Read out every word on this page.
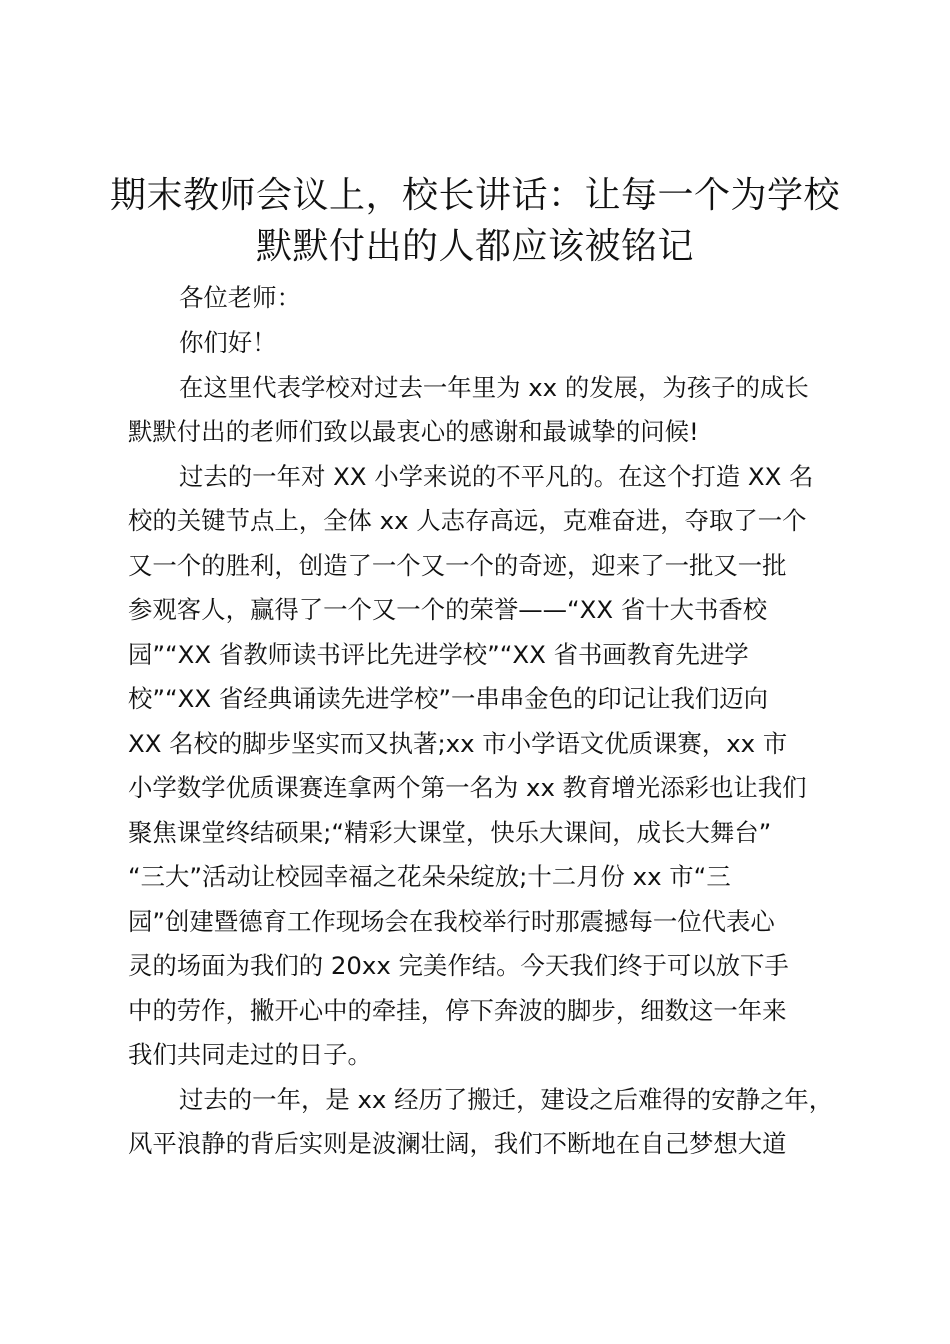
期末教师会议上，校长讲话：让每一个为学校
默默付出的人都应该被铭记

各位老师：

你们好！

在这里代表学校对过去一年里为 xx 的发展，为孩子的成长

默默付出的老师们致以最衷心的感谢和最诚挚的问候!

过去的一年对 XX 小学来说的不平凡的。在这个打造 XX 名

校的关键节点上，全体 xx 人志存高远，克难奋进，夺取了一个

又一个的胜利，创造了一个又一个的奇迹，迎来了一批又一批

参观客人，赢得了一个又一个的荣誉——“XX 省十大书香校

园”“XX 省教师读书评比先进学校”“XX 省书画教育先进学

校”“XX 省经典诵读先进学校”一串串金色的印记让我们迈向

XX 名校的脚步坚实而又执著;xx 市小学语文优质课赛，xx 市

小学数学优质课赛连拿两个第一名为 xx 教育增光添彩也让我们

聚焦课堂终结硕果;“精彩大课堂，快乐大课间，成长大舞台”

“三大”活动让校园幸福之花朵朵绽放;十二月份 xx 市“三

园”创建暨德育工作现场会在我校举行时那震撼每一位代表心

灵的场面为我们的 20xx 完美作结。今天我们终于可以放下手

中的劳作，撇开心中的牵挂，停下奔波的脚步，细数这一年来

我们共同走过的日子。

过去的一年，是 xx 经历了搬迁，建设之后难得的安静之年，

风平浪静的背后实则是波澜壮阔，我们不断地在自己梦想大道
